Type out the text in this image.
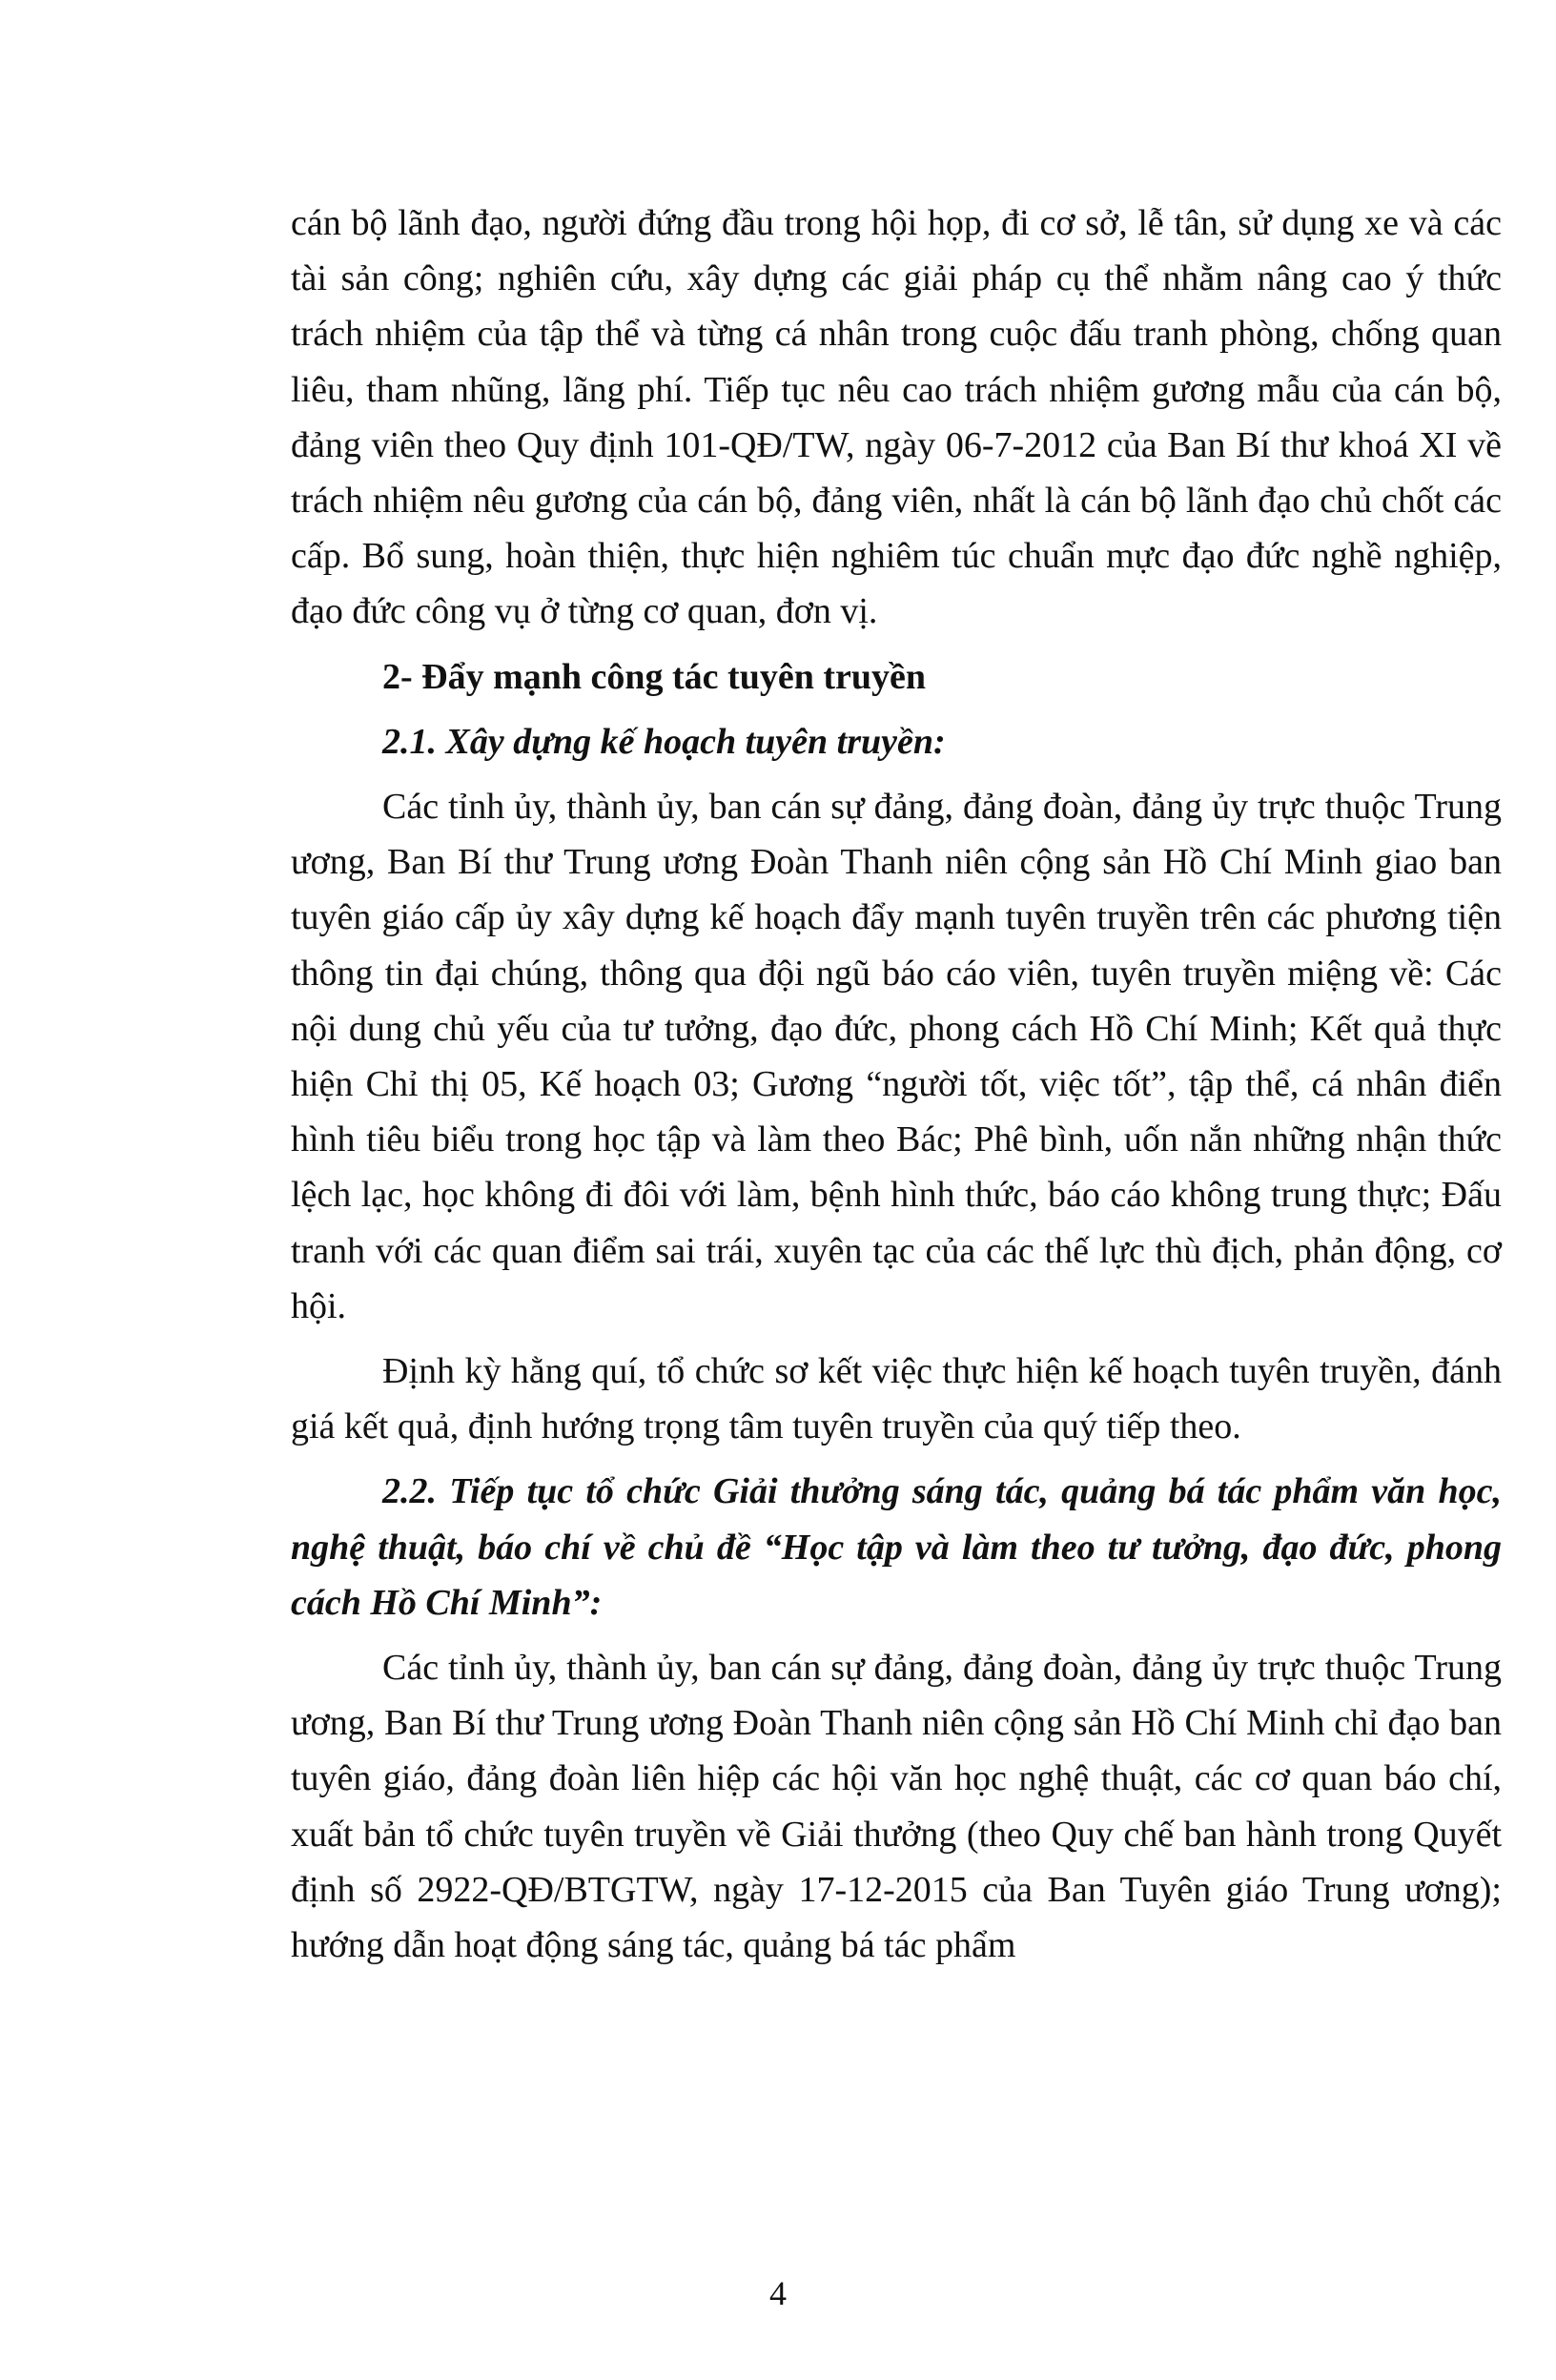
cán bộ lãnh đạo, người đứng đầu trong hội họp, đi cơ sở, lễ tân, sử dụng xe và các tài sản công; nghiên cứu, xây dựng các giải pháp cụ thể nhằm nâng cao ý thức trách nhiệm của tập thể và từng cá nhân trong cuộc đấu tranh phòng, chống quan liêu, tham nhũng, lãng phí. Tiếp tục nêu cao trách nhiệm gương mẫu của cán bộ, đảng viên theo Quy định 101-QĐ/TW, ngày 06-7-2012 của Ban Bí thư khoá XI về trách nhiệm nêu gương của cán bộ, đảng viên, nhất là cán bộ lãnh đạo chủ chốt các cấp. Bổ sung, hoàn thiện, thực hiện nghiêm túc chuẩn mực đạo đức nghề nghiệp, đạo đức công vụ ở từng cơ quan, đơn vị.

2- Đẩy mạnh công tác tuyên truyền

2.1. Xây dựng kế hoạch tuyên truyền:

Các tỉnh ủy, thành ủy, ban cán sự đảng, đảng đoàn, đảng ủy trực thuộc Trung ương, Ban Bí thư Trung ương Đoàn Thanh niên cộng sản Hồ Chí Minh giao ban tuyên giáo cấp ủy xây dựng kế hoạch đẩy mạnh tuyên truyền trên các phương tiện thông tin đại chúng, thông qua đội ngũ báo cáo viên, tuyên truyền miệng về: Các nội dung chủ yếu của tư tưởng, đạo đức, phong cách Hồ Chí Minh; Kết quả thực hiện Chỉ thị 05, Kế hoạch 03; Gương “người tốt, việc tốt”, tập thể, cá nhân điển hình tiêu biểu trong học tập và làm theo Bác; Phê bình, uốn nắn những nhận thức lệch lạc, học không đi đôi với làm, bệnh hình thức, báo cáo không trung thực; Đấu tranh với các quan điểm sai trái, xuyên tạc của các thế lực thù địch, phản động, cơ hội.

Định kỳ hằng quí, tổ chức sơ kết việc thực hiện kế hoạch tuyên truyền, đánh giá kết quả, định hướng trọng tâm tuyên truyền của quý tiếp theo.

2.2. Tiếp tục tổ chức Giải thưởng sáng tác, quảng bá tác phẩm văn học, nghệ thuật, báo chí về chủ đề “Học tập và làm theo tư tưởng, đạo đức, phong cách Hồ Chí Minh”:

Các tỉnh ủy, thành ủy, ban cán sự đảng, đảng đoàn, đảng ủy trực thuộc Trung ương, Ban Bí thư Trung ương Đoàn Thanh niên cộng sản Hồ Chí Minh chỉ đạo ban tuyên giáo, đảng đoàn liên hiệp các hội văn học nghệ thuật, các cơ quan báo chí, xuất bản tổ chức tuyên truyền về Giải thưởng (theo Quy chế ban hành trong Quyết định số 2922-QĐ/BTGTW, ngày 17-12-2015 của Ban Tuyên giáo Trung ương); hướng dẫn hoạt động sáng tác, quảng bá tác phẩm

4
